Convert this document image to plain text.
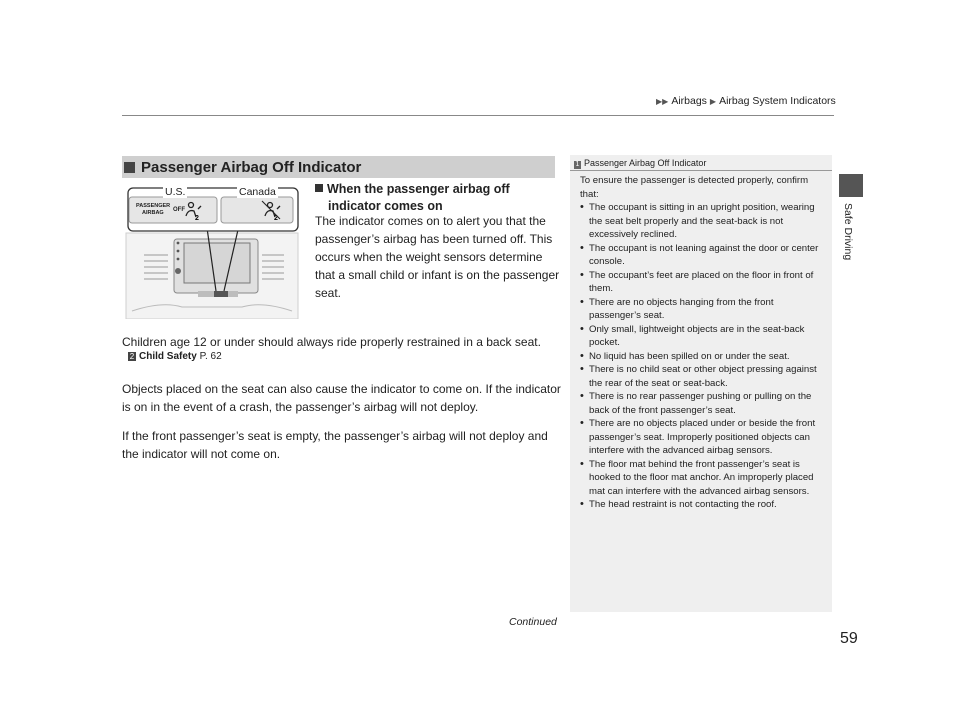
▶▶ Airbags ▶ Airbag System Indicators
Safe Driving
Passenger Airbag Off Indicator
2	2
U.S.	Canada
PASSENGER
AIRBAG OFF
When the passenger airbag off
indicator comes on
The indicator comes on to alert you that the passenger’s airbag has been turned off. This occurs when the weight sensors determine that a small child or infant is on the passenger seat.
Children age 12 or under should always ride properly restrained in a back seat.
2 Child Safety P. 62
Objects placed on the seat can also cause the indicator to come on. If the indicator is on in the event of a crash, the passenger’s airbag will not deploy.
If the front passenger’s seat is empty, the passenger’s airbag will not deploy and the indicator will not come on.
1 Passenger Airbag Off Indicator

To ensure the passenger is detected properly, confirm that:

• The occupant is sitting in an upright position, wearing the seat belt properly and the seat-back is not excessively reclined.
• The occupant is not leaning against the door or center console.
• The occupant’s feet are placed on the floor in front of them.
• There are no objects hanging from the front passenger’s seat.
• Only small, lightweight objects are in the seat-back pocket.
• No liquid has been spilled on or under the seat.
• There is no child seat or other object pressing against the rear of the seat or seat-back.
• There is no rear passenger pushing or pulling on the back of the front passenger’s seat.
• There are no objects placed under or beside the front passenger’s seat. Improperly positioned objects can interfere with the advanced airbag sensors.
• The floor mat behind the front passenger’s seat is hooked to the floor mat anchor. An improperly placed mat can interfere with the advanced airbag sensors.
• The head restraint is not contacting the roof.
Continued
59
